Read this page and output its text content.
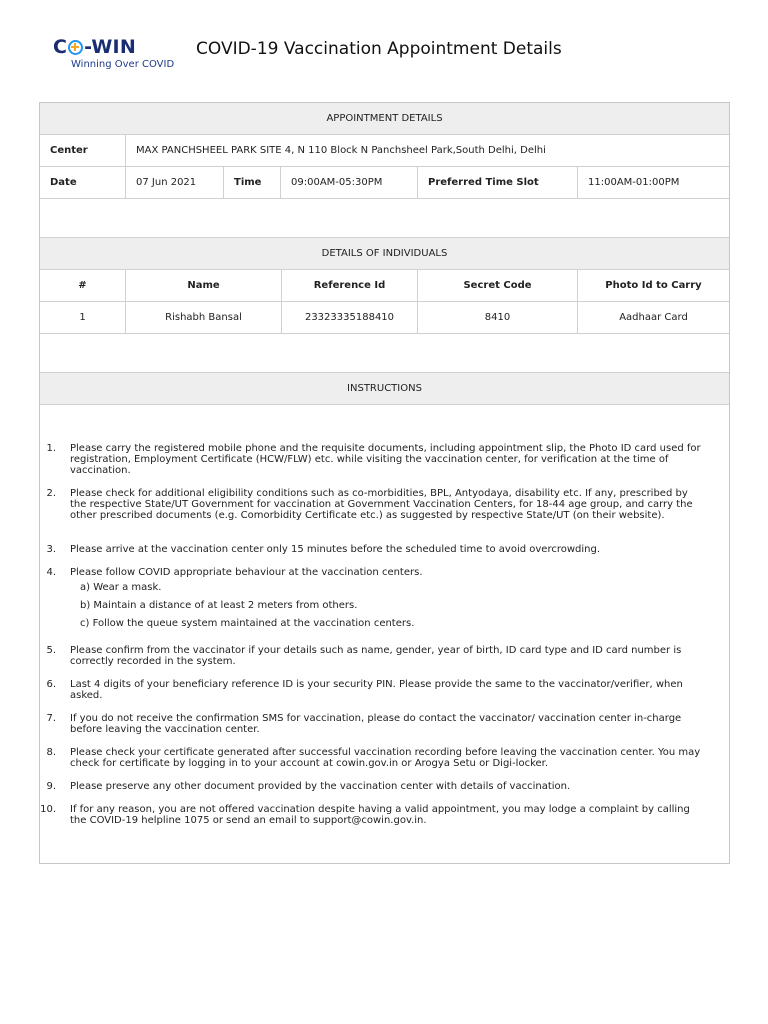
C -WIN
Winning Over COVID
COVID-19 Vaccination Appointment Details
APPOINTMENT DETAILS
Center	MAX PANCHSHEEL PARK SITE 4, N 110 Block N Panchsheel Park,South Delhi, Delhi
Date	07 Jun 2021	Time	09:00AM-05:30PM	Preferred Time Slot	11:00AM-01:00PM
DETAILS OF INDIVIDUALS
#	Name	Reference Id	Secret Code	Photo Id to Carry
1	Rishabh Bansal	23323335188410	8410	Aadhaar Card
INSTRUCTIONS
1. Please carry the registered mobile phone and the requisite documents, including appointment slip, the Photo ID card used for registration, Employment Certificate (HCW/FLW) etc. while visiting the vaccination center, for verification at the time of vaccination.
2. Please check for additional eligibility conditions such as co-morbidities, BPL, Antyodaya, disability etc. If any, prescribed by the respective State/UT Government for vaccination at Government Vaccination Centers, for 18-44 age group, and carry the other prescribed documents (e.g. Comorbidity Certificate etc.) as suggested by respective State/UT (on their website).
3. Please arrive at the vaccination center only 15 minutes before the scheduled time to avoid overcrowding.
4. Please follow COVID appropriate behaviour at the vaccination centers.
a) Wear a mask.
b) Maintain a distance of at least 2 meters from others.
c) Follow the queue system maintained at the vaccination centers.
5. Please confirm from the vaccinator if your details such as name, gender, year of birth, ID card type and ID card number is correctly recorded in the system.
6. Last 4 digits of your beneficiary reference ID is your security PIN. Please provide the same to the vaccinator/verifier, when asked.
7. If you do not receive the confirmation SMS for vaccination, please do contact the vaccinator/ vaccination center in-charge before leaving the vaccination center.
8. Please check your certificate generated after successful vaccination recording before leaving the vaccination center. You may check for certificate by logging in to your account at cowin.gov.in or Arogya Setu or Digi-locker.
9. Please preserve any other document provided by the vaccination center with details of vaccination.
10. If for any reason, you are not offered vaccination despite having a valid appointment, you may lodge a complaint by calling the COVID-19 helpline 1075 or send an email to support@cowin.gov.in.
